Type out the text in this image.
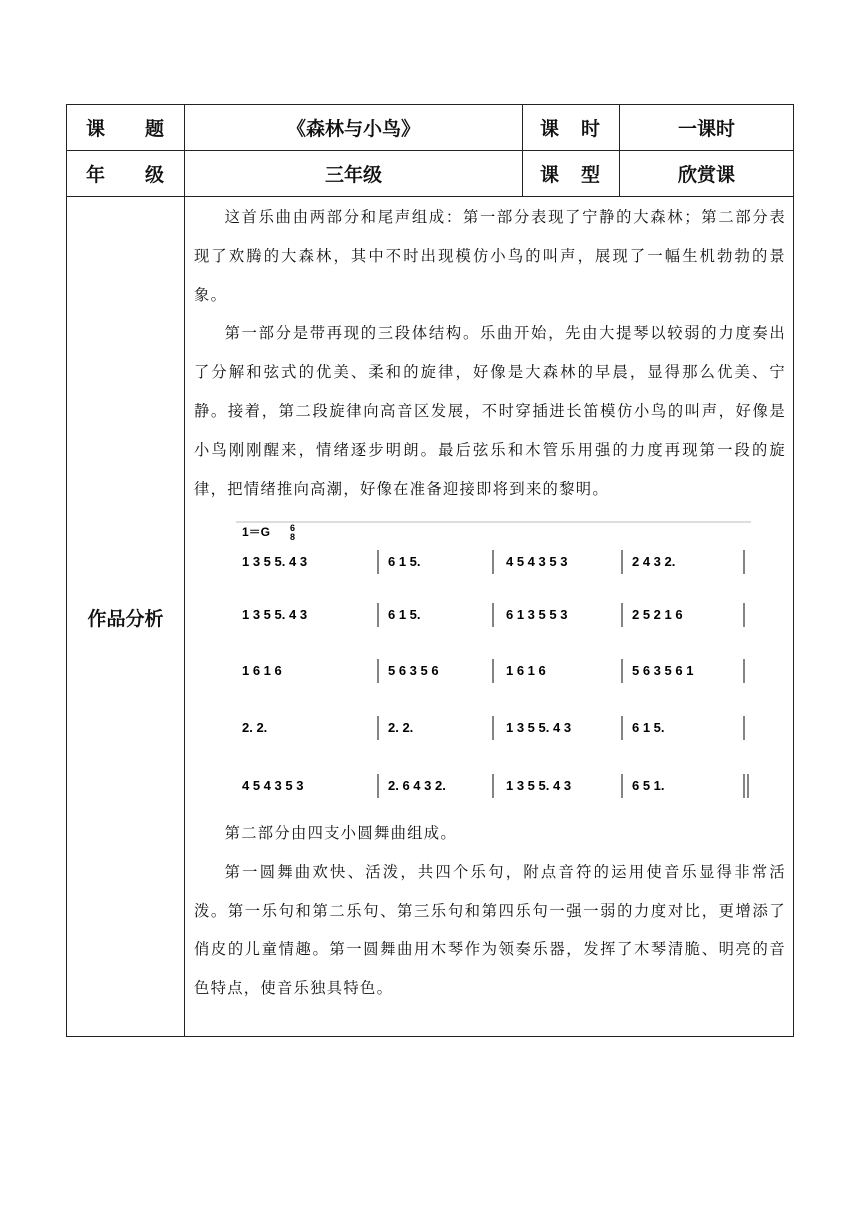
课 题	《森林与小鸟》	课 时	一课时
年 级	三年级	课 型	欣赏课
作品分析

这首乐曲由两部分和尾声组成：第一部分表现了宁静的大森林；第二部分表现了欢腾的大森林，其中不时出现模仿小鸟的叫声，展现了一幅生机勃勃的景象。

第一部分是带再现的三段体结构。乐曲开始，先由大提琴以较弱的力度奏出了分解和弦式的优美、柔和的旋律，好像是大森林的早晨，显得那么优美、宁静。接着，第二段旋律向高音区发展，不时穿插进长笛模仿小鸟的叫声，好像是小鸟刚刚醒来，情绪逐步明朗。最后弦乐和木管乐用强的力度再现第一段的旋律，把情绪推向高潮，好像在准备迎接即将到来的黎明。

第二部分由四支小圆舞曲组成。

第一圆舞曲欢快、活泼，共四个乐句，附点音符的运用使音乐显得非常活泼。第一乐句和第二乐句、第三乐句和第四乐句一强一弱的力度对比，更增添了俏皮的儿童情趣。第一圆舞曲用木琴作为领奏乐器，发挥了木琴清脆、明亮的音色特点，使音乐独具特色。

1＝G 6
8
1 3 5 5. 4 3	6 1 5.	4 5 4 3 5 3	2 4 3 2.
1 3 5 5. 4 3	6 1 5.	6 1 3 5 5 3	2 5 2 1 6
1 6 1 6	5 6 3 5 6	1 6 1 6	5 6 3 5 6 1
2. 2.	2. 2.	1 3 5 5. 4 3	6 1 5.
4 5 4 3 5 3	2. 6 4 3 2.	1 3 5 5. 4 3	6 5 1.
